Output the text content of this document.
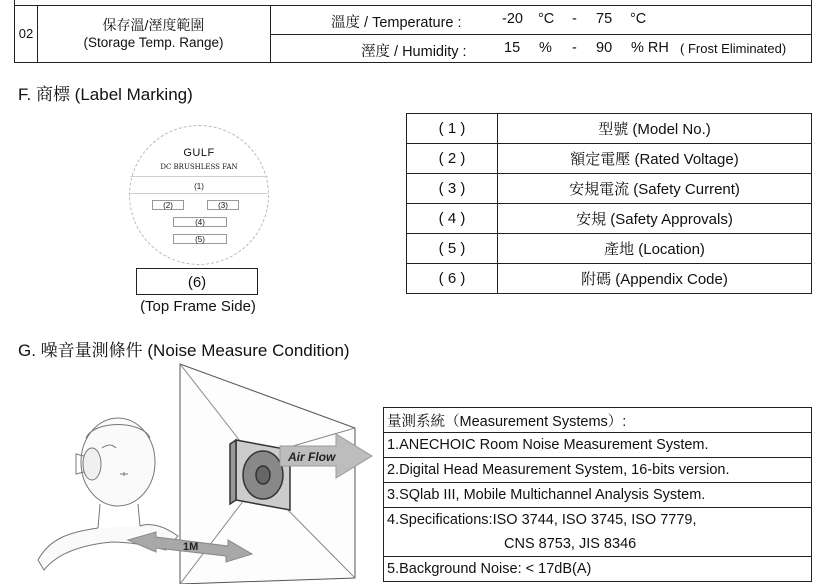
02
保存溫/溼度範圍
(Storage Temp. Range)
溫度 / Temperature :	-20 °C - 75 °C
溼度 / Humidity :	15 % - 90 % RH ( Frost Eliminated)
F. 商標 (Label Marking)
GULF
DC BRUSHLESS FAN
(1)
(2)	(3)
(4)
(5)
(6)
(Top Frame Side)
( 1 )	型號 (Model No.)
( 2 )	額定電壓 (Rated Voltage)
( 3 )	安規電流 (Safety Current)
( 4 )	安規 (Safety Approvals)
( 5 )	產地 (Location)
( 6 )	附碼 (Appendix Code)
G. 噪音量測條件 (Noise Measure Condition)
Air Flow
1M
量測系統（Measurement Systems）:
1.ANECHOIC Room Noise Measurement System.
2.Digital Head Measurement System, 16-bits version.
3.SQlab III, Mobile Multichannel Analysis System.
4.Specifications:ISO 3744, ISO 3745, ISO 7779,
CNS 8753, JIS 8346
5.Background Noise: < 17dB(A)
